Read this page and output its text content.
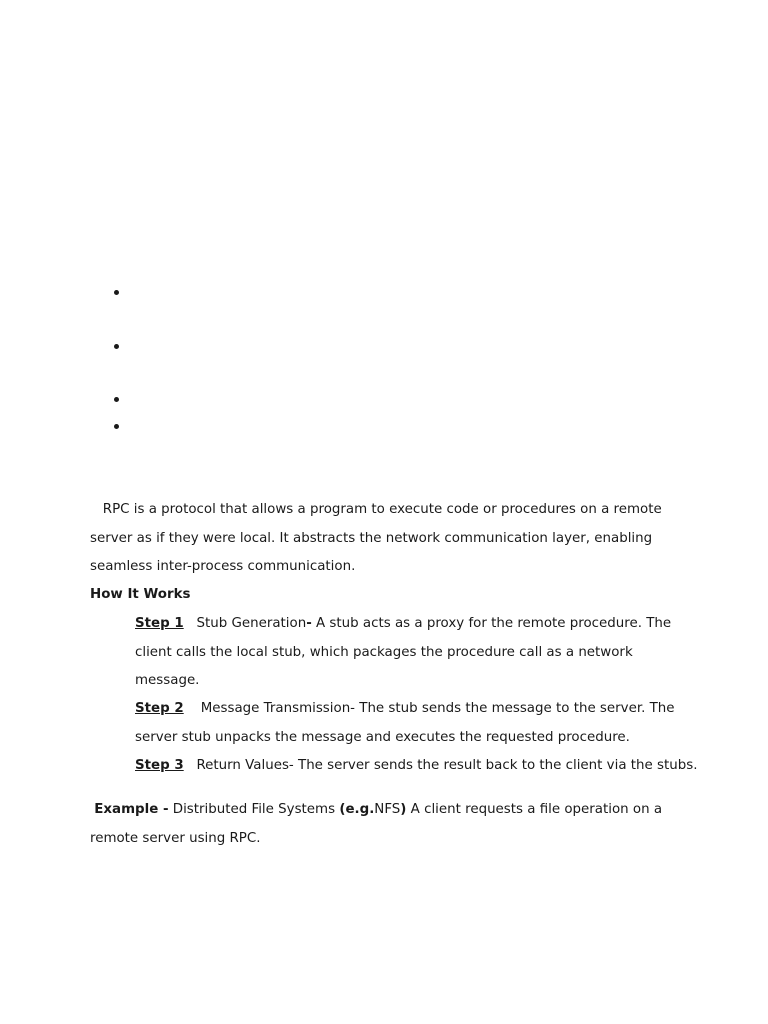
RPC is a protocol that allows a program to execute code or procedures on a remote
server as if they were local. It abstracts the network communication layer, enabling
seamless inter-process communication.
How It Works
Step 1 Stub Generation- A stub acts as a proxy for the remote procedure. The
client calls the local stub, which packages the procedure call as a network
message.
Step 2 Message Transmission- The stub sends the message to the server. The
server stub unpacks the message and executes the requested procedure.
Step 3 Return Values- The server sends the result back to the client via the stubs.
Example - Distributed File Systems (e.g.NFS) A client requests a file operation on a
remote server using RPC.
